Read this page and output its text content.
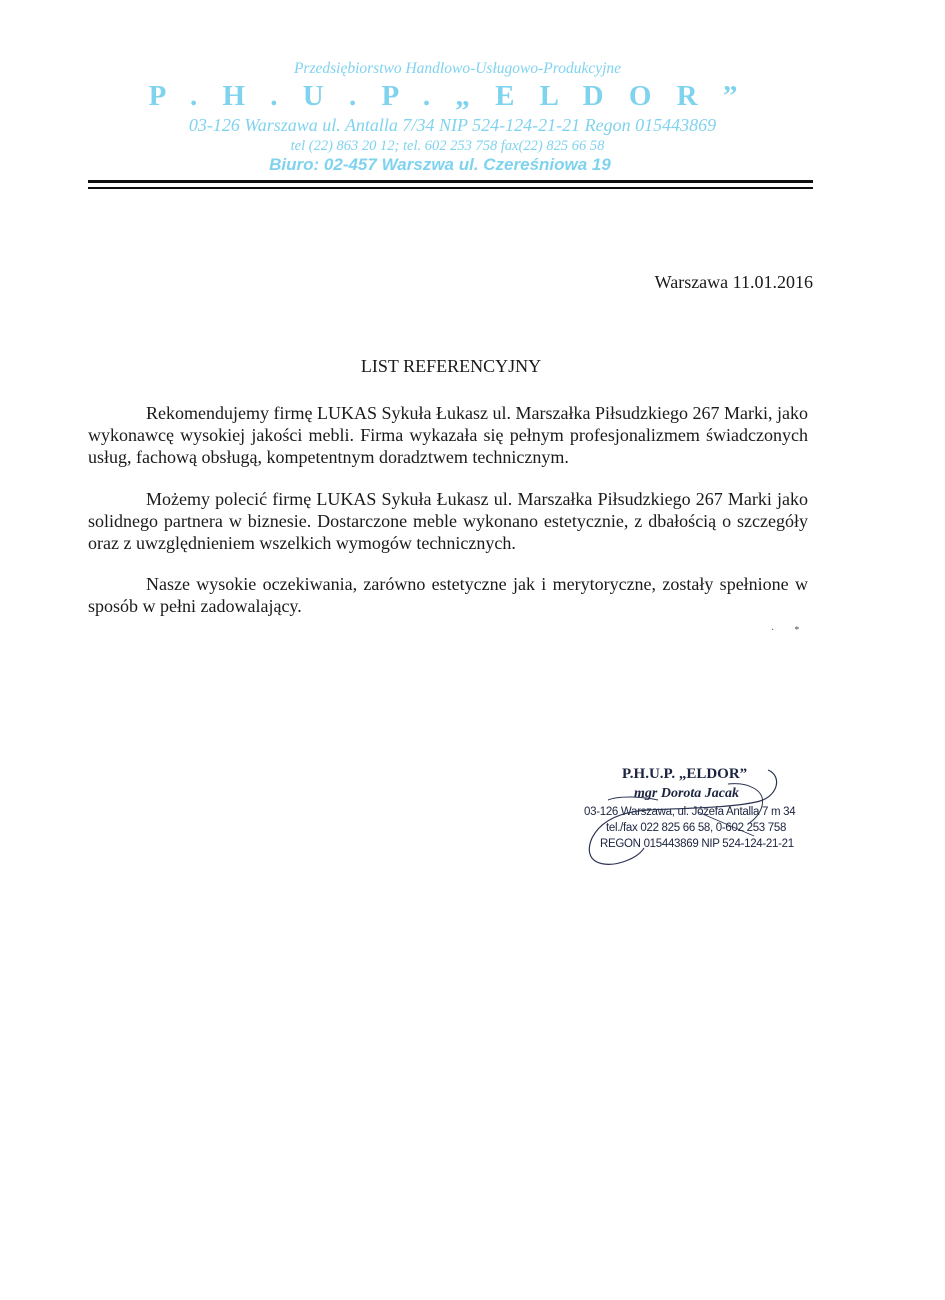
Przedsiębiorstwo Handlowo-Usługowo-Produkcyjne
P . H . U . P . „ E L D O R ”
03-126 Warszawa ul. Antalla 7/34 NIP 524-124-21-21 Regon 015443869
tel (22) 863 20 12; tel. 602 253 758 fax(22) 825 66 58
Biuro: 02-457 Warszwa ul. Czereśniowa 19
Warszawa 11.01.2016
LIST REFERENCYJNY
Rekomendujemy firmę LUKAS Sykuła Łukasz ul. Marszałka Piłsudzkiego 267 Marki, jako wykonawcę wysokiej jakości mebli. Firma wykazała się pełnym profesjonalizmem świadczonych usług, fachową obsługą, kompetentnym doradztwem technicznym.
Możemy polecić firmę LUKAS Sykuła Łukasz ul. Marszałka Piłsudzkiego 267 Marki jako solidnego partnera w biznesie. Dostarczone meble wykonano estetycznie, z dbałością o szczegóły oraz z uwzględnieniem wszelkich wymogów technicznych.
Nasze wysokie oczekiwania, zarówno estetyczne jak i merytoryczne, zostały spełnione w sposób w pełni zadowalający.
·        *
P.H.U.P. „ELDOR”
mgr Dorota Jacak
03-126 Warszawa, ul. Józefa Antalla 7 m 34
tel./fax 022 825 66 58, 0-602 253 758
REGON 015443869 NIP 524-124-21-21
